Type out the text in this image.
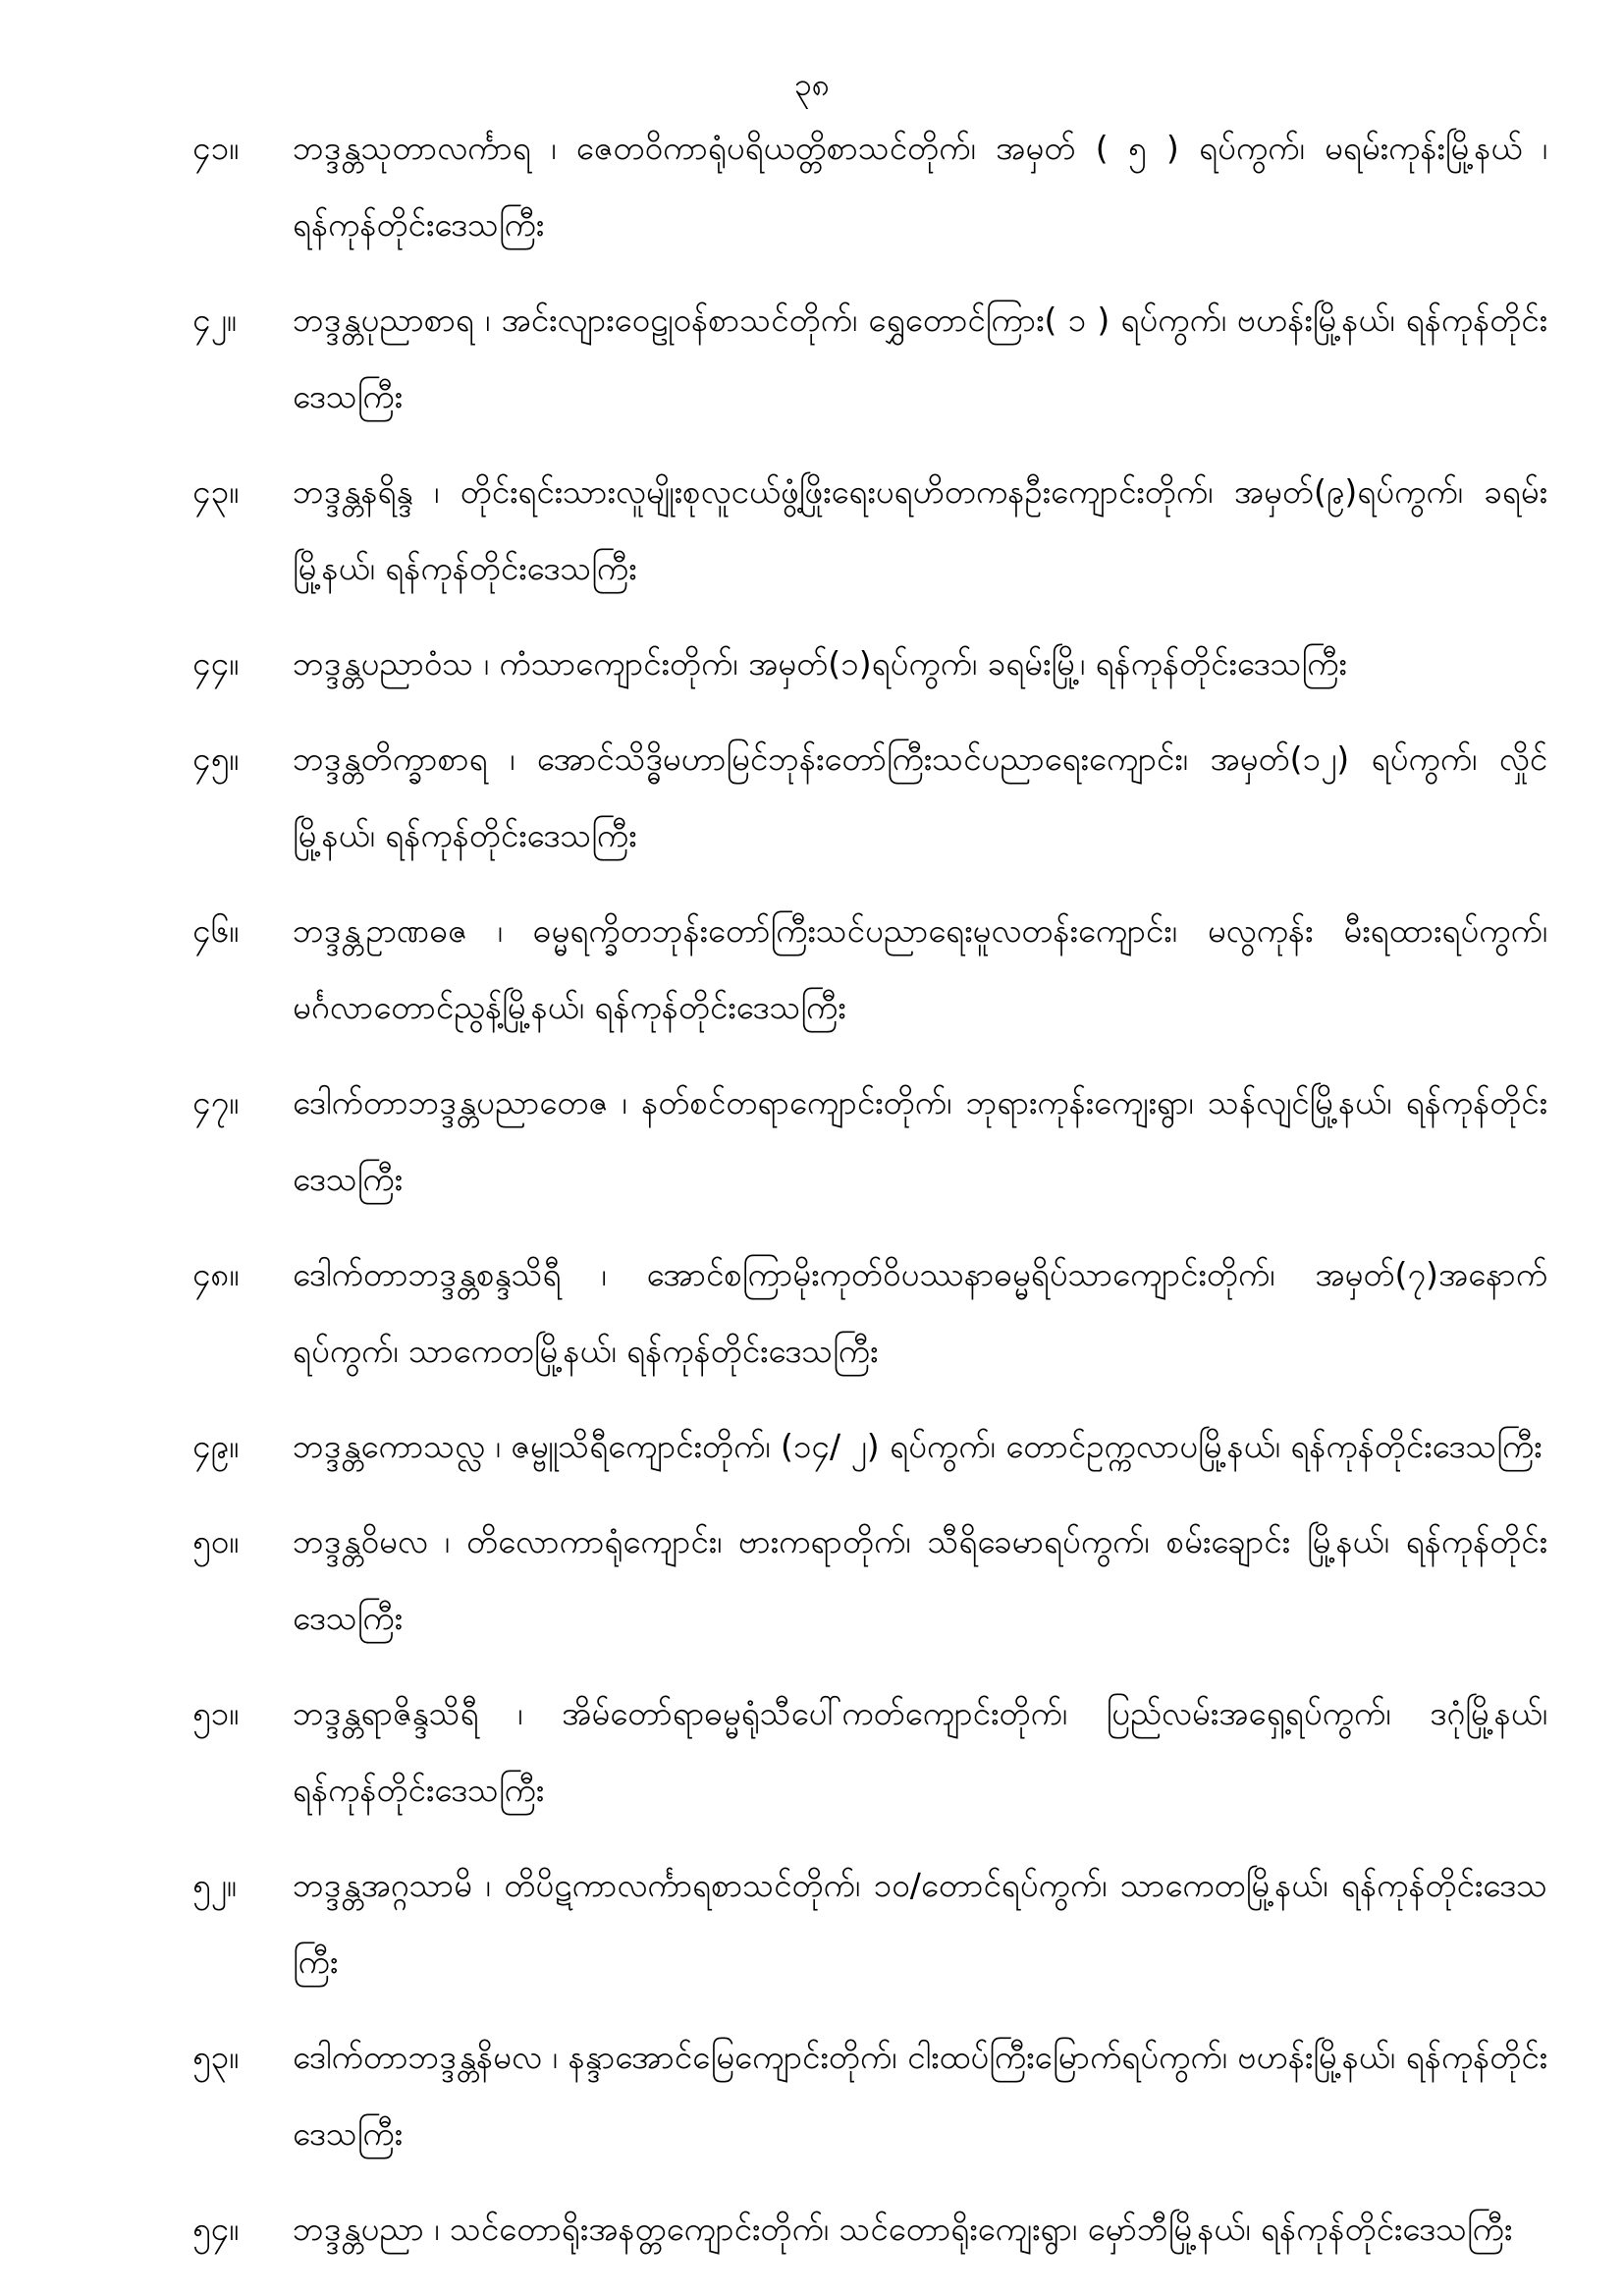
၃၈
၄၁။	ဘဒ္ဒန္တသုတာလင်္ကာရ ၊ ဇေတဝိကာရုံပရိယတ္တိစာသင်တိုက်၊ အမှတ် ( ၅ ) ရပ်ကွက်၊ မရမ်းကုန်းမြို့နယ် ၊ ရန်ကုန်တိုင်းဒေသကြီး
၄၂။	ဘဒ္ဒန္တပုညာစာရ ၊ အင်းလျားဝေဠုဝန်စာသင်တိုက်၊ ရွှေတောင်ကြား( ၁ ) ရပ်ကွက်၊ ဗဟန်းမြို့နယ်၊ ရန်ကုန်တိုင်းဒေသကြီး
၄၃။	ဘဒ္ဒန္တနရိန္ဒ ၊ တိုင်းရင်းသားလူမျိုးစုလူငယ်ဖွံ့ဖြိုးရေးပရဟိတကနဦးကျောင်းတိုက်၊ အမှတ်(၉)ရပ်ကွက်၊ ခရမ်းမြို့နယ်၊ ရန်ကုန်တိုင်းဒေသကြီး
၄၄။	ဘဒ္ဒန္တပညာဝံသ ၊ ကံသာကျောင်းတိုက်၊ အမှတ်(၁)ရပ်ကွက်၊ ခရမ်းမြို့၊ ရန်ကုန်တိုင်းဒေသကြီး
၄၅။	ဘဒ္ဒန္တတိက္ခာစာရ ၊ အောင်သိဒ္ဓိမဟာမြင်ဘုန်းတော်ကြီးသင်ပညာရေးကျောင်း၊ အမှတ်(၁၂) ရပ်ကွက်၊ လှိုင်မြို့နယ်၊ ရန်ကုန်တိုင်းဒေသကြီး
၄၆။	ဘဒ္ဒန္တဥာဏဓဇ ၊ ဓမ္မရက္ခိတဘုန်းတော်ကြီးသင်ပညာရေးမူလတန်းကျောင်း၊ မလွကုန်း မီးရထားရပ်ကွက်၊ မင်္ဂလာတောင်ညွန့်မြို့နယ်၊ ရန်ကုန်တိုင်းဒေသကြီး
၄၇။	ဒေါက်တာဘဒ္ဒန္တပညာတေဇ ၊ နတ်စင်တရာကျောင်းတိုက်၊ ဘုရားကုန်းကျေးရွာ၊ သန်လျင်မြို့နယ်၊ ရန်ကုန်တိုင်းဒေသကြီး
၄၈။	ဒေါက်တာဘဒ္ဒန္တစန္ဒသိရီ ၊ အောင်စကြာမိုးကုတ်ဝိပဿနာဓမ္မရိပ်သာကျောင်းတိုက်၊ အမှတ်(၇)အနောက်ရပ်ကွက်၊ သာကေတမြို့နယ်၊ ရန်ကုန်တိုင်းဒေသကြီး
၄၉။	ဘဒ္ဒန္တကောသလ္လ ၊ ဇမ္ဗူသိရီကျောင်းတိုက်၊ (၁၄/ ၂) ရပ်ကွက်၊ တောင်ဥက္ကလာပမြို့နယ်၊ ရန်ကုန်တိုင်းဒေသကြီး
၅၀။	ဘဒ္ဒန္တဝိမလ ၊ တိလောကာရုံကျောင်း၊ ဗားကရာတိုက်၊ သီရိခေမာရပ်ကွက်၊ စမ်းချောင်း မြို့နယ်၊ ရန်ကုန်တိုင်းဒေသကြီး
၅၁။	ဘဒ္ဒန္တရာဇိန္ဒသိရီ ၊ အိမ်တော်ရာဓမ္မရုံသီပေါ်ကတ်ကျောင်းတိုက်၊ ပြည်လမ်းအရှေ့ရပ်ကွက်၊ ဒဂုံမြို့နယ်၊ ရန်ကုန်တိုင်းဒေသကြီး
၅၂။	ဘဒ္ဒန္တအဂ္ဂသာမိ ၊ တိပိဋကာလင်္ကာရစာသင်တိုက်၊ ၁၀/တောင်ရပ်ကွက်၊ သာကေတမြို့နယ်၊ ရန်ကုန်တိုင်းဒေသကြီး
၅၃။	ဒေါက်တာဘဒ္ဒန္တနိမလ ၊ နန္ဒာအောင်မြေကျောင်းတိုက်၊ ငါးထပ်ကြီးမြောက်ရပ်ကွက်၊ ဗဟန်းမြို့နယ်၊ ရန်ကုန်တိုင်းဒေသကြီး
၅၄။	ဘဒ္ဒန္တပညာ ၊ သင်တောရိုးအနတ္တကျောင်းတိုက်၊ သင်တောရိုးကျေးရွာ၊ မှော်ဘီမြို့နယ်၊ ရန်ကုန်တိုင်းဒေသကြီး
